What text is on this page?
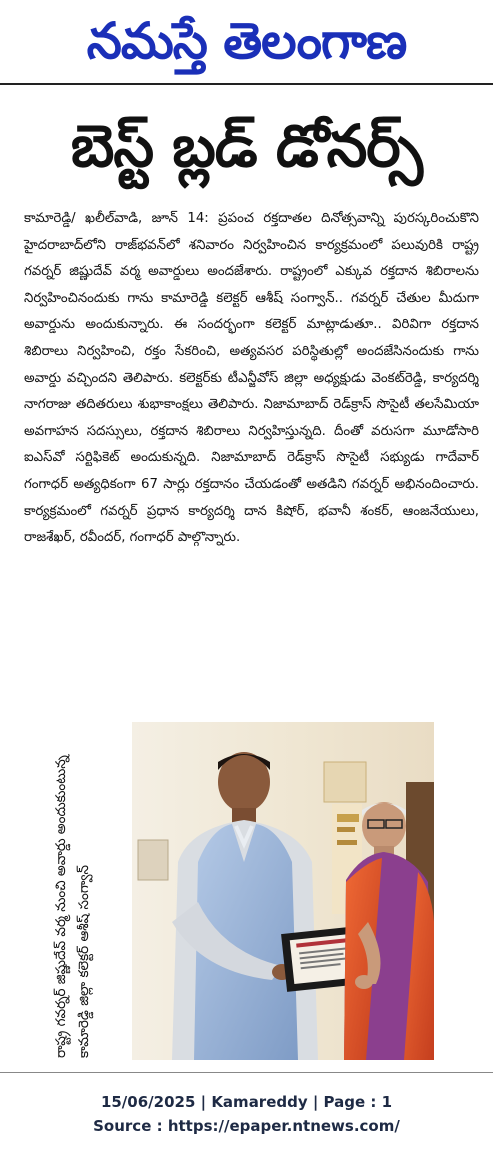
నమస్తే తెలంగాణ
బెస్ట్ బ్లడ్ డోనర్స్
కామారెడ్డి/ ఖలీల్‌వాడి, జూన్ 14: ప్రపంచ రక్తదాతల దినోత్సవాన్ని పురస్కరించుకొని హైదరాబాద్‌లోని రాజ్‌భవన్‌లో శనివారం నిర్వహించిన కార్యక్రమంలో పలువురికి రాష్ట్ర గవర్నర్ జిష్ణుదేవ్ వర్మ అవార్డులు అందజేశారు. రాష్ట్రంలో ఎక్కువ రక్తదాన శిబిరాలను నిర్వహించినందుకు గాను కామారెడ్డి కలెక్టర్ ఆశీష్ సంగ్వాన్.. గవర్నర్ చేతుల మీదుగా అవార్డును అందుకున్నారు. ఈ సందర్భంగా కలెక్టర్ మాట్లాడుతూ.. విరివిగా రక్తదాన శిబిరాలు నిర్వహించి, రక్తం సేకరించి, అత్యవసర పరిస్థితుల్లో అందజేసినందుకు గాను అవార్డు వచ్చిందని తెలిపారు. కలెక్టర్‌కు టీఎన్జీవోస్ జిల్లా అధ్యక్షుడు వెంకట్‌రెడ్డి, కార్యదర్శి నాగరాజు తదితరులు శుభాకాంక్షలు తెలిపారు. నిజామాబాద్ రెడ్‌క్రాస్ సొసైటీ తలసేమియా అవగాహన సదస్సులు, రక్తదాన శిబిరాలు నిర్వహిస్తున్నది. దీంతో వరుసగా మూడోసారి ఐఎస్‌వో సర్టిఫికెట్ అందుకున్నది. నిజామాబాద్ రెడ్‌క్రాస్ సొసైటీ సభ్యుడు గాదేవార్ గంగాధర్ అత్యధికంగా 67 సార్లు రక్తదానం చేయడంతో అతడిని గవర్నర్ అభినందించారు. కార్యక్రమంలో గవర్నర్ ప్రధాన కార్యదర్శి దాన కిషోర్, భవానీ శంకర్, ఆంజనేయులు, రాజశేఖర్, రవీందర్, గంగాధర్ పాల్గొన్నారు.
రాష్ట్ర గవర్నర్ జిష్ణుదేవ్ వర్మ నుంచి అవార్డు అందుకుంటున్న కామారెడ్డి జిల్లా కలెక్టర్ ఆశీష్ సంగ్వాన్
15/06/2025 | Kamareddy | Page : 1
Source : https://epaper.ntnews.com/
